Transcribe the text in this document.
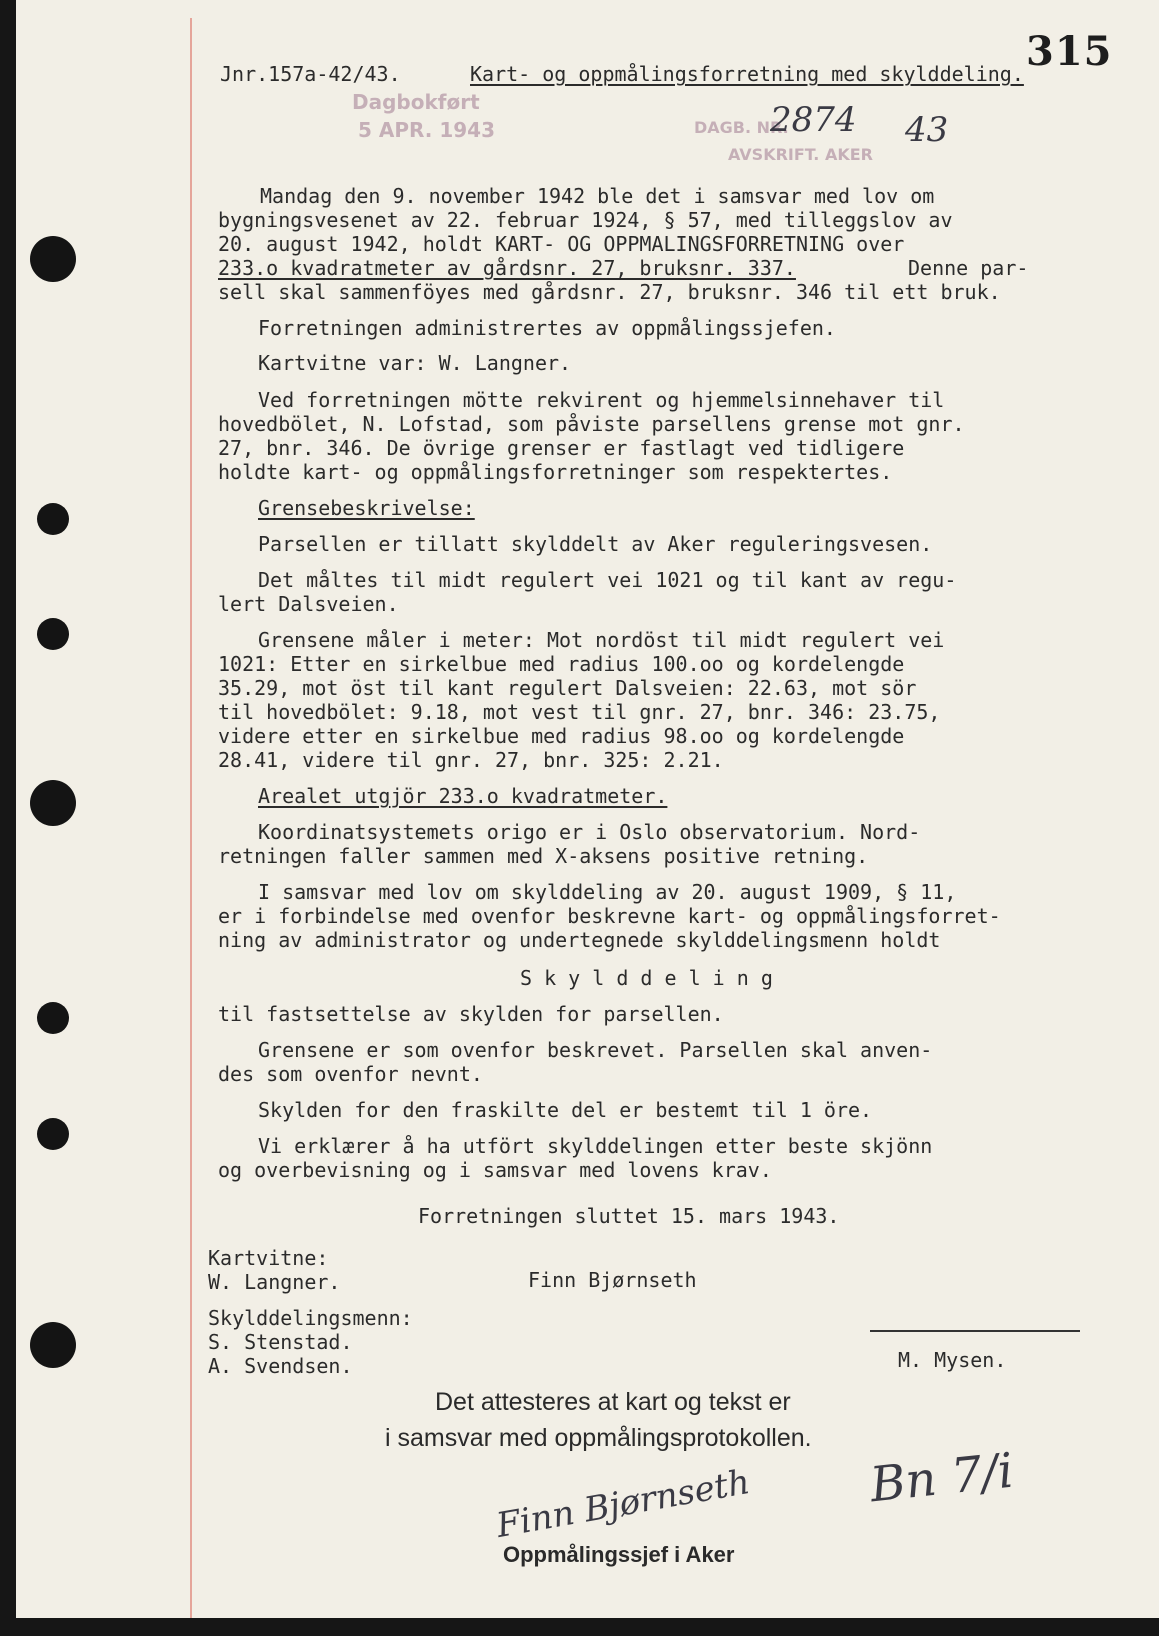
315
Jnr.157a-42/43.	Kart- og oppmålingsforretning med skylddeling.
Dagbokført
5 APR. 1943	DAGB. NR.
2874 43
AVSKRIFT. AKER
Mandag den 9. november 1942 ble det i samsvar med lov om
bygningsvesenet av 22. februar 1924, § 57, med tilleggslov av
20. august 1942, holdt KART- OG OPPMALINGSFORRETNING over
233.o kvadratmeter av gårdsnr. 27, bruksnr. 337.	Denne par-
sell skal sammenföyes med gårdsnr. 27, bruksnr. 346 til ett bruk.
Forretningen administrertes av oppmålingssjefen.
Kartvitne var: W. Langner.
Ved forretningen mötte rekvirent og hjemmelsinnehaver til
hovedbölet, N. Lofstad, som påviste parsellens grense mot gnr.
27, bnr. 346. De övrige grenser er fastlagt ved tidligere
holdte kart- og oppmålingsforretninger som respektertes.
Grensebeskrivelse:
Parsellen er tillatt skylddelt av Aker reguleringsvesen.
Det måltes til midt regulert vei 1021 og til kant av regu-
lert Dalsveien.
Grensene måler i meter: Mot nordöst til midt regulert vei
1021: Etter en sirkelbue med radius 100.oo og kordelengde
35.29, mot öst til kant regulert Dalsveien: 22.63, mot sör
til hovedbölet: 9.18, mot vest til gnr. 27, bnr. 346: 23.75,
videre etter en sirkelbue med radius 98.oo og kordelengde
28.41, videre til gnr. 27, bnr. 325: 2.21.
Arealet utgjör 233.o kvadratmeter.
Koordinatsystemets origo er i Oslo observatorium. Nord-
retningen faller sammen med X-aksens positive retning.
I samsvar med lov om skylddeling av 20. august 1909, § 11,
er i forbindelse med ovenfor beskrevne kart- og oppmålingsforret-
ning av administrator og undertegnede skylddelingsmenn holdt
S k y l d d e l i n g
til fastsettelse av skylden for parsellen.
Grensene er som ovenfor beskrevet. Parsellen skal anven-
des som ovenfor nevnt.
Skylden for den fraskilte del er bestemt til 1 öre.
Vi erklærer å ha utfört skylddelingen etter beste skjönn
og overbevisning og i samsvar med lovens krav.
Forretningen sluttet 15. mars 1943.
Kartvitne:
W. Langner.	Finn Bjørnseth
Skylddelingsmenn:
S. Stenstad.
A. Svendsen.	M. Mysen.
Det attesteres at kart og tekst er
i samsvar med oppmålingsprotokollen.
Finn Bjørnseth
Oppmålingssjef i Aker
Bn 7/i
